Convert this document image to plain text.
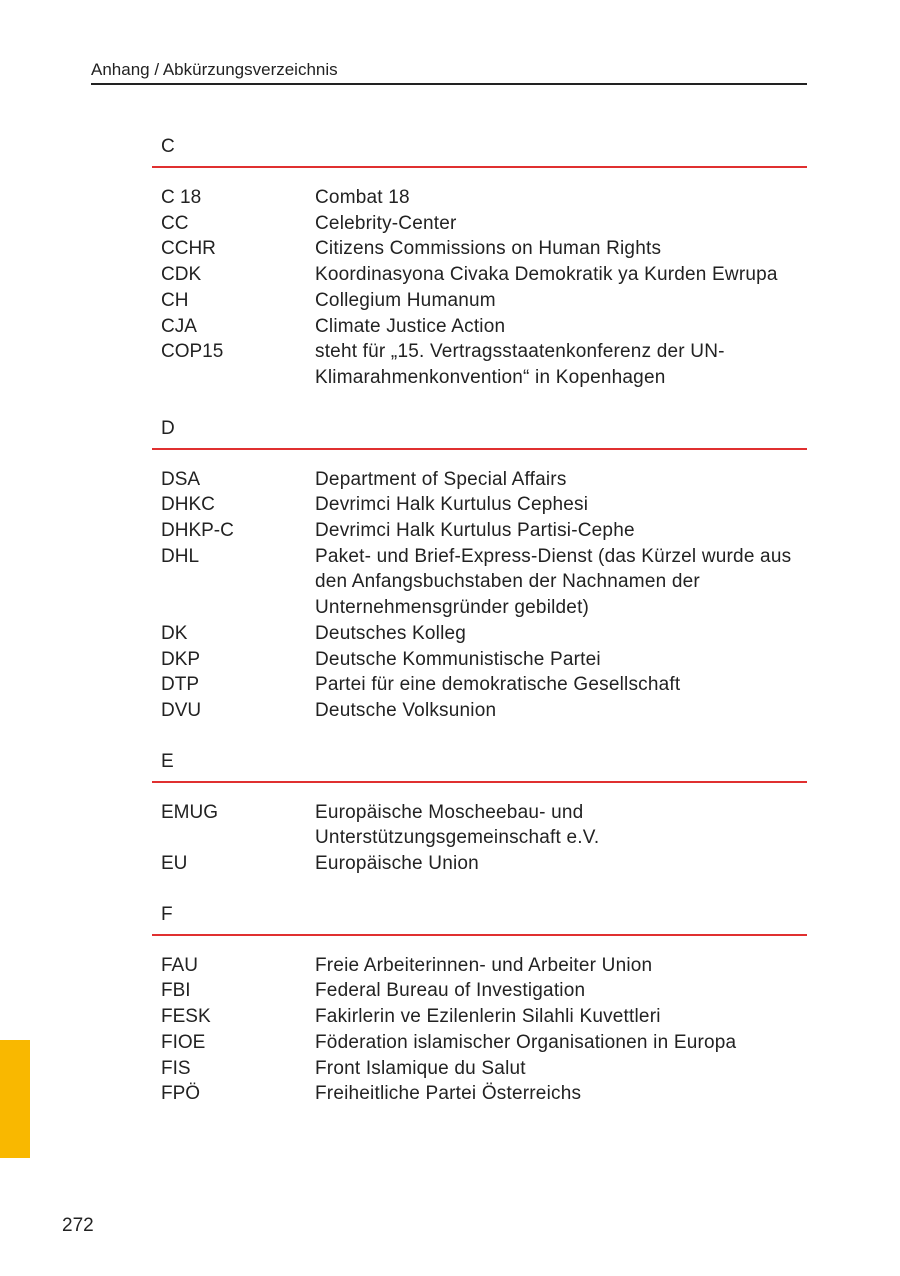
Anhang / Abkürzungsverzeichnis
C
C 18	Combat 18
CC	Celebrity-Center
CCHR	Citizens Commissions on Human Rights
CDK	Koordinasyona Civaka Demokratik ya Kurden Ewrupa
CH	Collegium Humanum
CJA	Climate Justice Action
COP15	steht für „15. Vertragsstaatenkonferenz der UN-Klimarahmenkonvention“ in Kopenhagen
D
DSA	Department of Special Affairs
DHKC	Devrimci Halk Kurtulus Cephesi
DHKP-C	Devrimci Halk Kurtulus Partisi-Cephe
DHL	Paket- und Brief-Express-Dienst (das Kürzel wurde aus den Anfangsbuchstaben der Nachnamen der Unternehmensgründer gebildet)
DK	Deutsches Kolleg
DKP	Deutsche Kommunistische Partei
DTP	Partei für eine demokratische Gesellschaft
DVU	Deutsche Volksunion
E
EMUG	Europäische Moscheebau- und Unterstützungsgemeinschaft e.V.
EU	Europäische Union
F
FAU	Freie Arbeiterinnen- und Arbeiter Union
FBI	Federal Bureau of Investigation
FESK	Fakirlerin ve Ezilenlerin Silahli Kuvettleri
FIOE	Föderation islamischer Organisationen in Europa
FIS	Front Islamique du Salut
FPÖ	Freiheitliche Partei Österreichs
272
